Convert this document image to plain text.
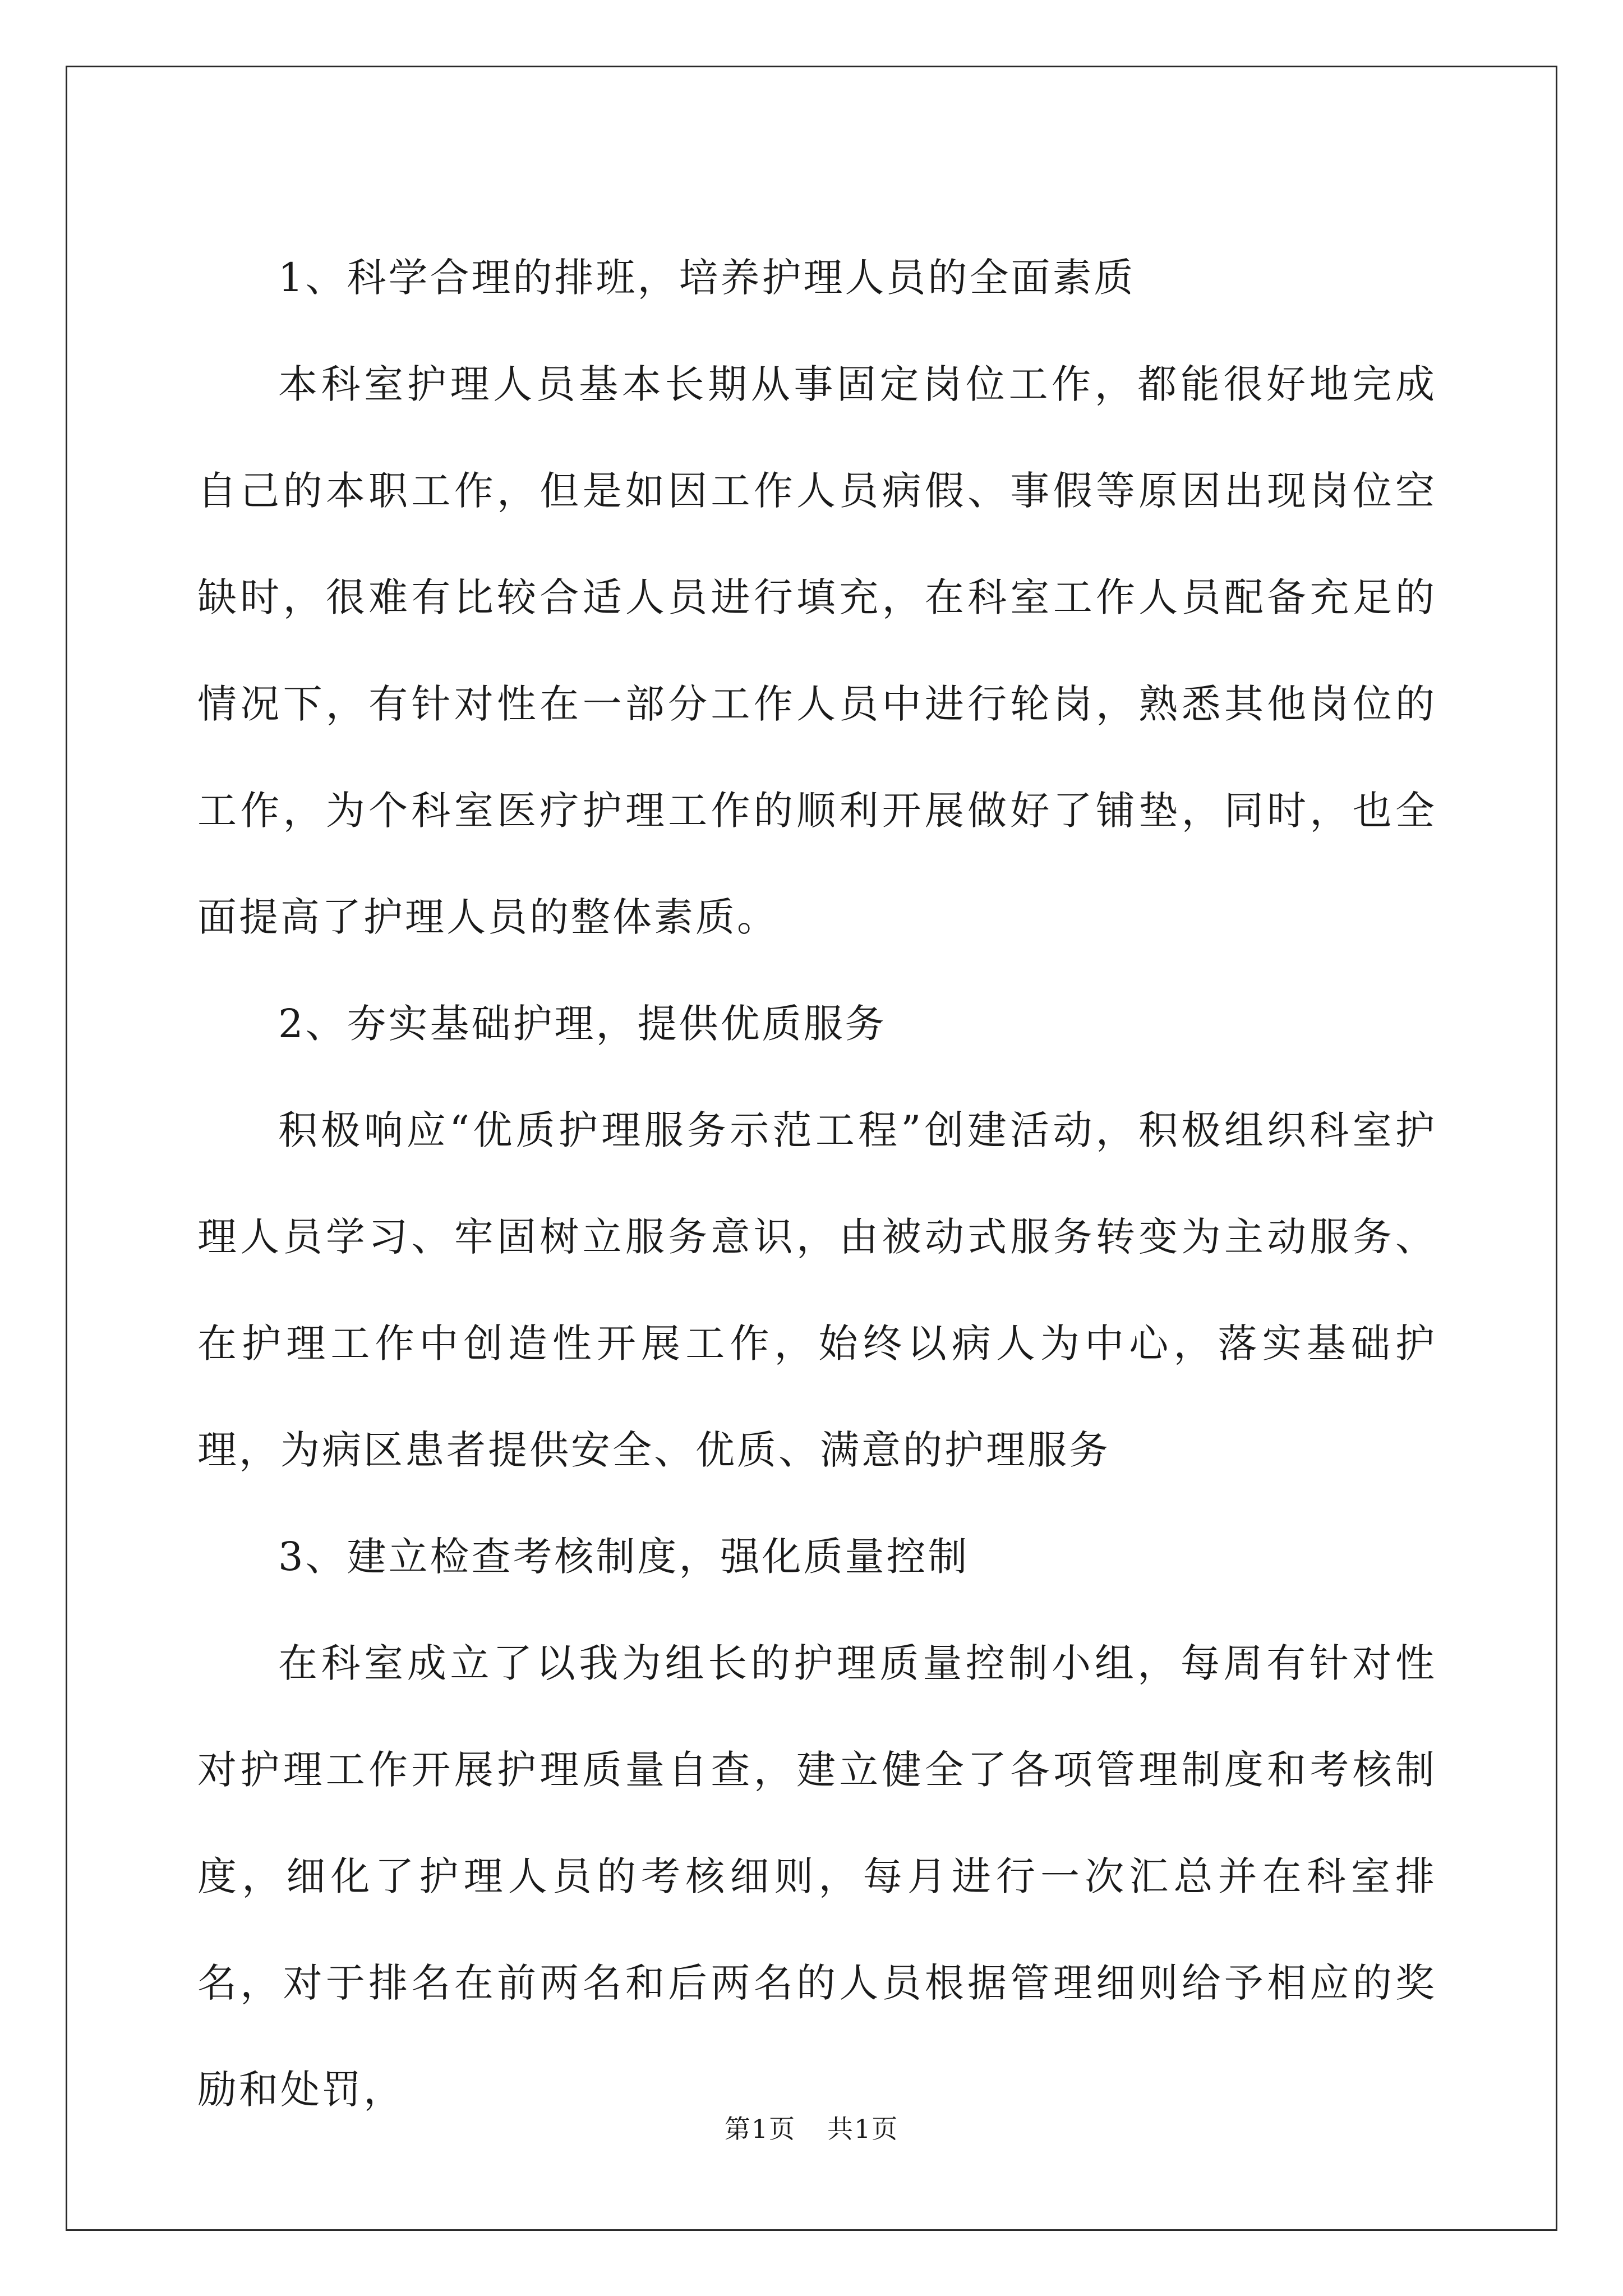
1、科学合理的排班，培养护理人员的全面素质

本科室护理人员基本长期从事固定岗位工作，都能很好地完成自己的本职工作，但是如因工作人员病假、事假等原因出现岗位空缺时，很难有比较合适人员进行填充，在科室工作人员配备充足的情况下，有针对性在一部分工作人员中进行轮岗，熟悉其他岗位的工作，为个科室医疗护理工作的顺利开展做好了铺垫，同时，也全面提高了护理人员的整体素质。

2、夯实基础护理，提供优质服务

积极响应“优质护理服务示范工程”创建活动，积极组织科室护理人员学习、牢固树立服务意识，由被动式服务转变为主动服务、在护理工作中创造性开展工作，始终以病人为中心，落实基础护理，为病区患者提供安全、优质、满意的护理服务

3、建立检查考核制度，强化质量控制

在科室成立了以我为组长的护理质量控制小组，每周有针对性对护理工作开展护理质量自查，建立健全了各项管理制度和考核制度，细化了护理人员的考核细则，每月进行一次汇总并在科室排名，对于排名在前两名和后两名的人员根据管理细则给予相应的奖励和处罚，

第1页 共1页
